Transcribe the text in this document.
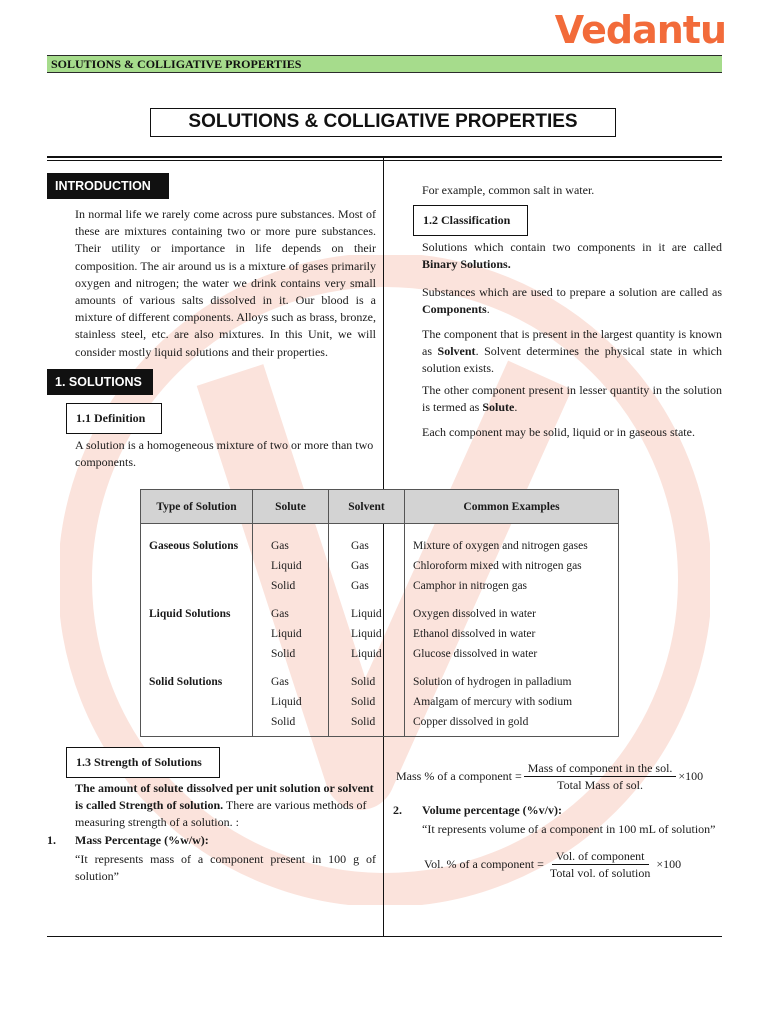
Vedantu
SOLUTIONS & COLLIGATIVE PROPERTIES
SOLUTIONS & COLLIGATIVE PROPERTIES
INTRODUCTION
In normal life we rarely come across pure substances. Most of these are mixtures containing two or more pure substances. Their utility or importance in life depends on their composition. The air around us is a mixture of gases primarily oxygen and nitrogen; the water we drink contains very small amounts of various salts dissolved in it. Our blood is a mixture of different components. Alloys such as brass, bronze, stainless steel, etc. are also mixtures. In this Unit, we will consider mostly liquid solutions and their properties.
1. SOLUTIONS
1.1 Definition
A solution is a homogeneous mixture of two or more than two components.
For example, common salt in water.
1.2 Classification
Solutions which contain two components in it are called Binary Solutions.
Substances which are used to prepare a solution are called as Components.
The component that is present in the largest quantity is known as Solvent. Solvent determines the physical state in which solution exists.
The other component present in lesser quantity in the solution is termed as Solute.
Each component may be solid, liquid or in gaseous state.
Type of Solution	Solute	Solvent	Common Examples
Gaseous Solutions	Gas	Gas	Mixture of oxygen and nitrogen gases
	Liquid	Gas	Chloroform mixed with nitrogen gas
	Solid	Gas	Camphor in nitrogen gas
Liquid Solutions	Gas	Liquid	Oxygen dissolved in water
	Liquid	Liquid	Ethanol dissolved in water
	Solid	Liquid	Glucose dissolved in water
Solid Solutions	Gas	Solid	Solution of hydrogen in palladium
	Liquid	Solid	Amalgam of mercury with sodium
	Solid	Solid	Copper dissolved in gold
1.3 Strength of Solutions
The amount of solute dissolved per unit solution or solvent is called Strength of solution. There are various methods of measuring strength of a solution. :
1. Mass Percentage (%w/w):
“It represents mass of a component present in 100 g of solution”
Mass % of a component = $\frac{\text{Mass of component in the sol.}}{\text{Total Mass of sol.}} \times 100$
2. Volume percentage (%v/v):
“It represents volume of a component in 100 mL of solution”
Vol. % of a component = $\frac{\text{Vol. of component}}{\text{Total vol. of solution}} \times 100$
